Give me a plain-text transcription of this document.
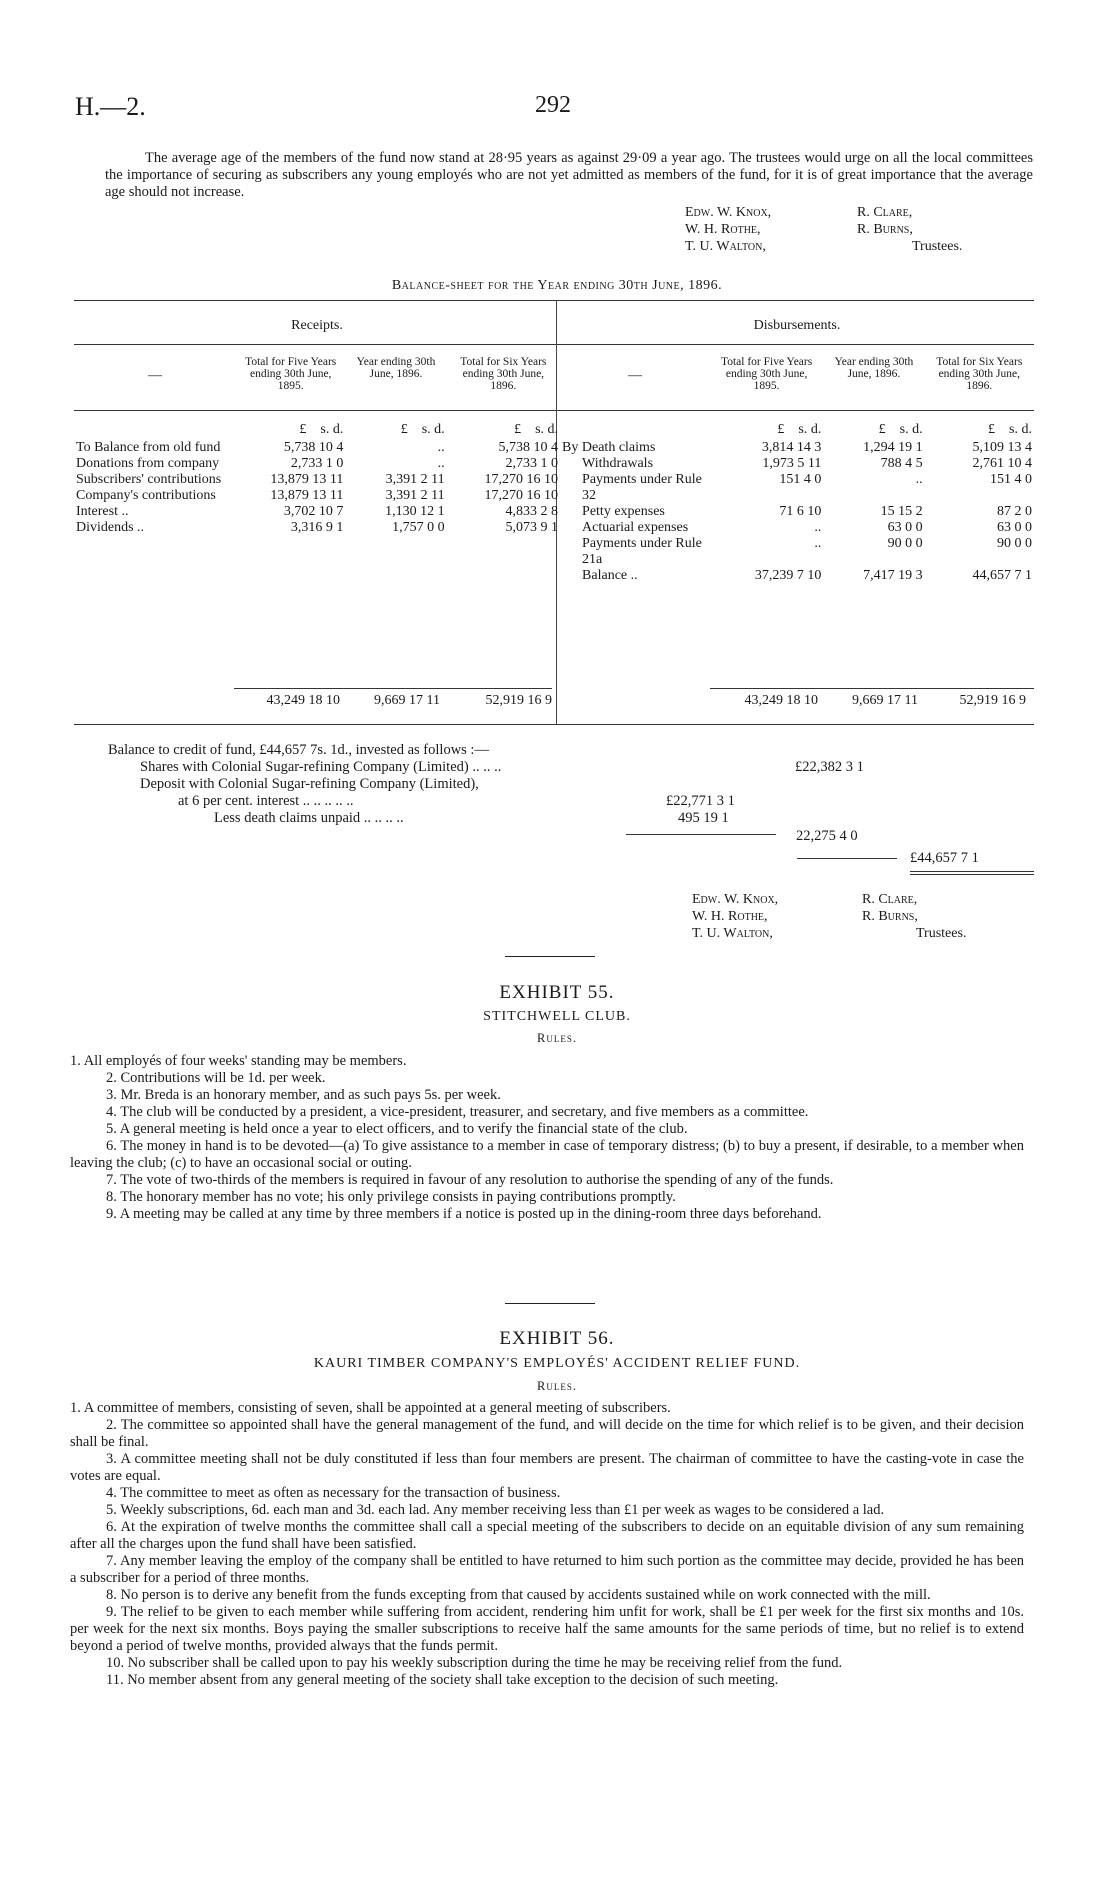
H.—2.	292
The average age of the members of the fund now stand at 28·95 years as against 29·09 a year ago. The trustees would urge on all the local committees the importance of securing as subscribers any young employés who are not yet admitted as members of the fund, for it is of great importance that the average age should not increase.
Edw. W. Knox,
W. H. Rothe,
T. U. Walton,
R. Clare,
R. Burns,
Trustees.
Balance-sheet for the Year ending 30th June, 1896.
Receipts.	Disbursements.
—	Total for Five Years ending 30th June, 1895.	Year ending 30th June, 1896.	Total for Six Years ending 30th June, 1896.	—	Total for Five Years ending 30th June, 1895.	Year ending 30th June, 1896.	Total for Six Years ending 30th June, 1896.
	£ s. d.	£ s. d.	£ s. d.		£ s. d.	£ s. d.	£ s. d.

To Balance from old fund	5,738 10 4	..	5,738 10 4
Donations from company	2,733 1 0	..	2,733 1 0
Subscribers' contributions	13,879 13 11	3,391 2 11	17,270 16 10
Company's contributions	13,879 13 11	3,391 2 11	17,270 16 10
Interest ..	3,702 10 7	1,130 12 1	4,833 2 8
Dividends ..	3,316 9 1	1,757 0 0	5,073 9 1

By Death claims	3,814 14 3	1,294 19 1	5,109 13 4
Withdrawals	1,973 5 11	788 4 5	2,761 10 4
Payments under Rule 32	151 4 0	..	151 4 0
Petty expenses	71 6 10	15 15 2	87 2 0
Actuarial expenses	..	63 0 0	63 0 0
Payments under Rule 21a	..	90 0 0	90 0 0
Balance ..	37,239 7 10	7,417 19 3	44,657 7 1
43,249 18 10	9,669 17 11	52,919 16 9	43,249 18 10	9,669 17 11	52,919 16 9
Balance to credit of fund, £44,657 7s. 1d., invested as follows :—
Shares with Colonial Sugar-refining Company (Limited) .. .. ..	£22,382 3 1
Deposit with Colonial Sugar-refining Company (Limited),
at 6 per cent. interest .. .. .. .. ..	£22,771 3 1
Less death claims unpaid .. .. .. ..	495 19 1
22,275 4 0
£44,657 7 1
Edw. W. Knox,
W. H. Rothe,
T. U. Walton,
R. Clare,
R. Burns,
Trustees.
EXHIBIT 55.
STITCHWELL CLUB.
Rules.

1. All employés of four weeks' standing may be members.

2. Contributions will be 1d. per week.

3. Mr. Breda is an honorary member, and as such pays 5s. per week.

4. The club will be conducted by a president, a vice-president, treasurer, and secretary, and five members as a committee.

5. A general meeting is held once a year to elect officers, and to verify the financial state of the club.

6. The money in hand is to be devoted—(a) To give assistance to a member in case of temporary distress; (b) to buy a present, if desirable, to a member when leaving the club; (c) to have an occasional social or outing.

7. The vote of two-thirds of the members is required in favour of any resolution to authorise the spending of any of the funds.

8. The honorary member has no vote; his only privilege consists in paying contributions promptly.

9. A meeting may be called at any time by three members if a notice is posted up in the dining-room three days beforehand.

EXHIBIT 56.
KAURI TIMBER COMPANY'S EMPLOYÉS' ACCIDENT RELIEF FUND.
Rules.

1. A committee of members, consisting of seven, shall be appointed at a general meeting of subscribers.

2. The committee so appointed shall have the general management of the fund, and will decide on the time for which relief is to be given, and their decision shall be final.

3. A committee meeting shall not be duly constituted if less than four members are present. The chairman of committee to have the casting-vote in case the votes are equal.

4. The committee to meet as often as necessary for the transaction of business.

5. Weekly subscriptions, 6d. each man and 3d. each lad. Any member receiving less than £1 per week as wages to be considered a lad.

6. At the expiration of twelve months the committee shall call a special meeting of the subscribers to decide on an equitable division of any sum remaining after all the charges upon the fund shall have been satisfied.

7. Any member leaving the employ of the company shall be entitled to have returned to him such portion as the committee may decide, provided he has been a subscriber for a period of three months.

8. No person is to derive any benefit from the funds excepting from that caused by accidents sustained while on work connected with the mill.

9. The relief to be given to each member while suffering from accident, rendering him unfit for work, shall be £1 per week for the first six months and 10s. per week for the next six months. Boys paying the smaller subscriptions to receive half the same amounts for the same periods of time, but no relief is to extend beyond a period of twelve months, provided always that the funds permit.

10. No subscriber shall be called upon to pay his weekly subscription during the time he may be receiving relief from the fund.

11. No member absent from any general meeting of the society shall take exception to the decision of such meeting.
